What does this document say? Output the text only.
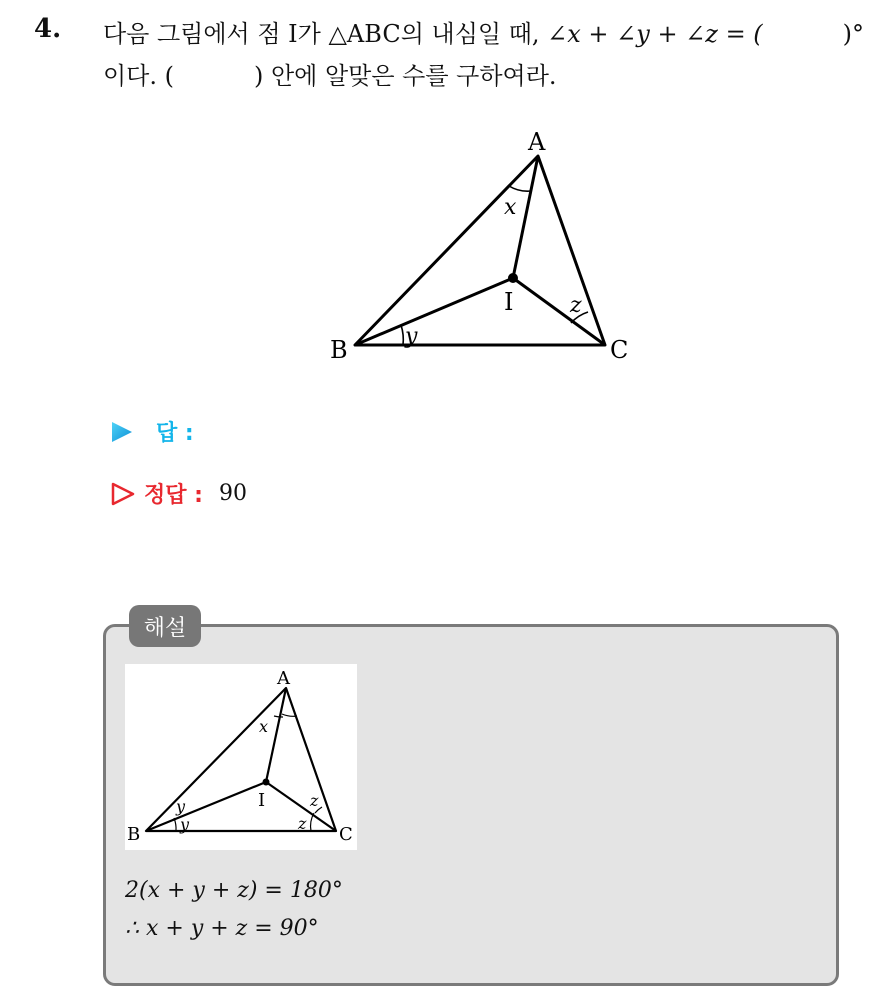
4. 다음 그림에서 점 I가 △ABC의 내심일 때, ∠x + ∠y + ∠z = (	)°
이다. (	) 안에 알맞은 수를 구하여라.
A
B	C
I
x
y
z
답 :
정답 : 90
해설
A
B	C
I
x
y
y
z
z
2(x + y + z) = 180°
∴ x + y + z = 90°
